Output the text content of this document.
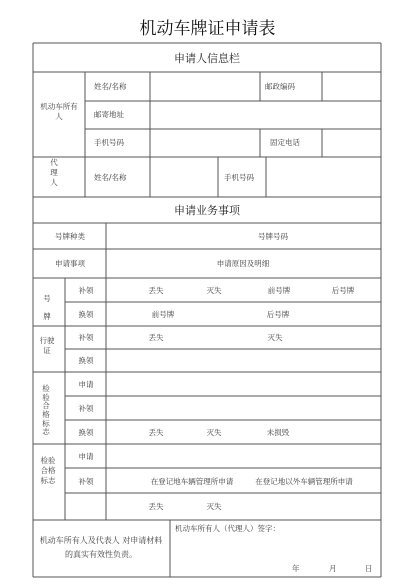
机动车牌证申请表
申请人信息栏
机动车所有人
姓名/名称	邮政编码
邮寄地址
手机号码	固定电话
代理人
姓名/名称	手机号码
申请业务事项
号牌种类	号牌号码
申请事项	申请原因及明细
号牌
补领	丢失	灭失	前号牌	后号牌
换领	前号牌	后号牌
行驶证
补领	丢失	灭失
换领
检验合格标志
申请
补领
换领	丢失	灭失	未损毁
检验合格标志
申请
补领	在登记地车辆管理所申请	在登记地以外车辆管理所申请
丢失	灭失
机动车所有人及代表人 对申请材料的真实有效性负责。
机动车所有人（代理人）签字：
年	月	日
